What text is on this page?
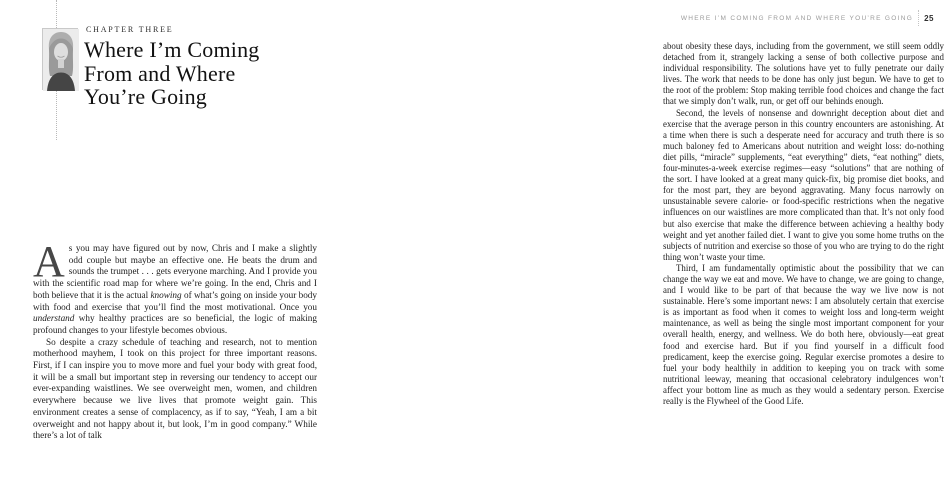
CHAPTER THREE
Where I’m Coming
From and Where
You’re Going

As you may have figured out by now, Chris and I make a slightly odd couple but maybe an effective one. He beats the drum and sounds the trumpet . . . gets everyone marching. And I provide you with the scientific road map for where we’re going. In the end, Chris and I both believe that it is the actual knowing of what’s going on inside your body with food and exercise that you’ll find the most motivational. Once you understand why healthy practices are so beneficial, the logic of making profound changes to your lifestyle becomes obvious.

So despite a crazy schedule of teaching and research, not to mention motherhood mayhem, I took on this project for three important reasons. First, if I can inspire you to move more and fuel your body with great food, it will be a small but important step in reversing our tendency to accept our ever-expanding waistlines. We see overweight men, women, and children everywhere because we live lives that promote weight gain. This environment creates a sense of complacency, as if to say, “Yeah, I am a bit overweight and not happy about it, but look, I’m in good company.” While there’s a lot of talk

WHERE I’M COMING FROM AND WHERE YOU’RE GOING 25

about obesity these days, including from the government, we still seem oddly detached from it, strangely lacking a sense of both collective purpose and individual responsibility. The solutions have yet to fully penetrate our daily lives. The work that needs to be done has only just begun. We have to get to the root of the problem: Stop making terrible food choices and change the fact that we simply don’t walk, run, or get off our behinds enough.

Second, the levels of nonsense and downright deception about diet and exercise that the average person in this country encounters are astonishing. At a time when there is such a desperate need for accuracy and truth there is so much baloney fed to Americans about nutrition and weight loss: do-nothing diet pills, “miracle” supplements, “eat everything” diets, “eat nothing” diets, four-minutes-a-week exercise regimes—easy “solutions” that are nothing of the sort. I have looked at a great many quick-fix, big promise diet books, and for the most part, they are beyond aggravating. Many focus narrowly on unsustainable severe calorie- or food-specific restrictions when the negative influences on our waistlines are more complicated than that. It’s not only food but also exercise that make the difference between achieving a healthy body weight and yet another failed diet. I want to give you some home truths on the subjects of nutrition and exercise so those of you who are trying to do the right thing won’t waste your time.

Third, I am fundamentally optimistic about the possibility that we can change the way we eat and move. We have to change, we are going to change, and I would like to be part of that because the way we live now is not sustainable. Here’s some important news: I am absolutely certain that exercise is as important as food when it comes to weight loss and long-term weight maintenance, as well as being the single most important component for your overall health, energy, and wellness. We do both here, obviously—eat great food and exercise hard. But if you find yourself in a difficult food predicament, keep the exercise going. Regular exercise promotes a desire to fuel your body healthily in addition to keeping you on track with some nutritional leeway, meaning that occasional celebratory indulgences won’t affect your bottom line as much as they would a sedentary person. Exercise really is the Flywheel of the Good Life.
